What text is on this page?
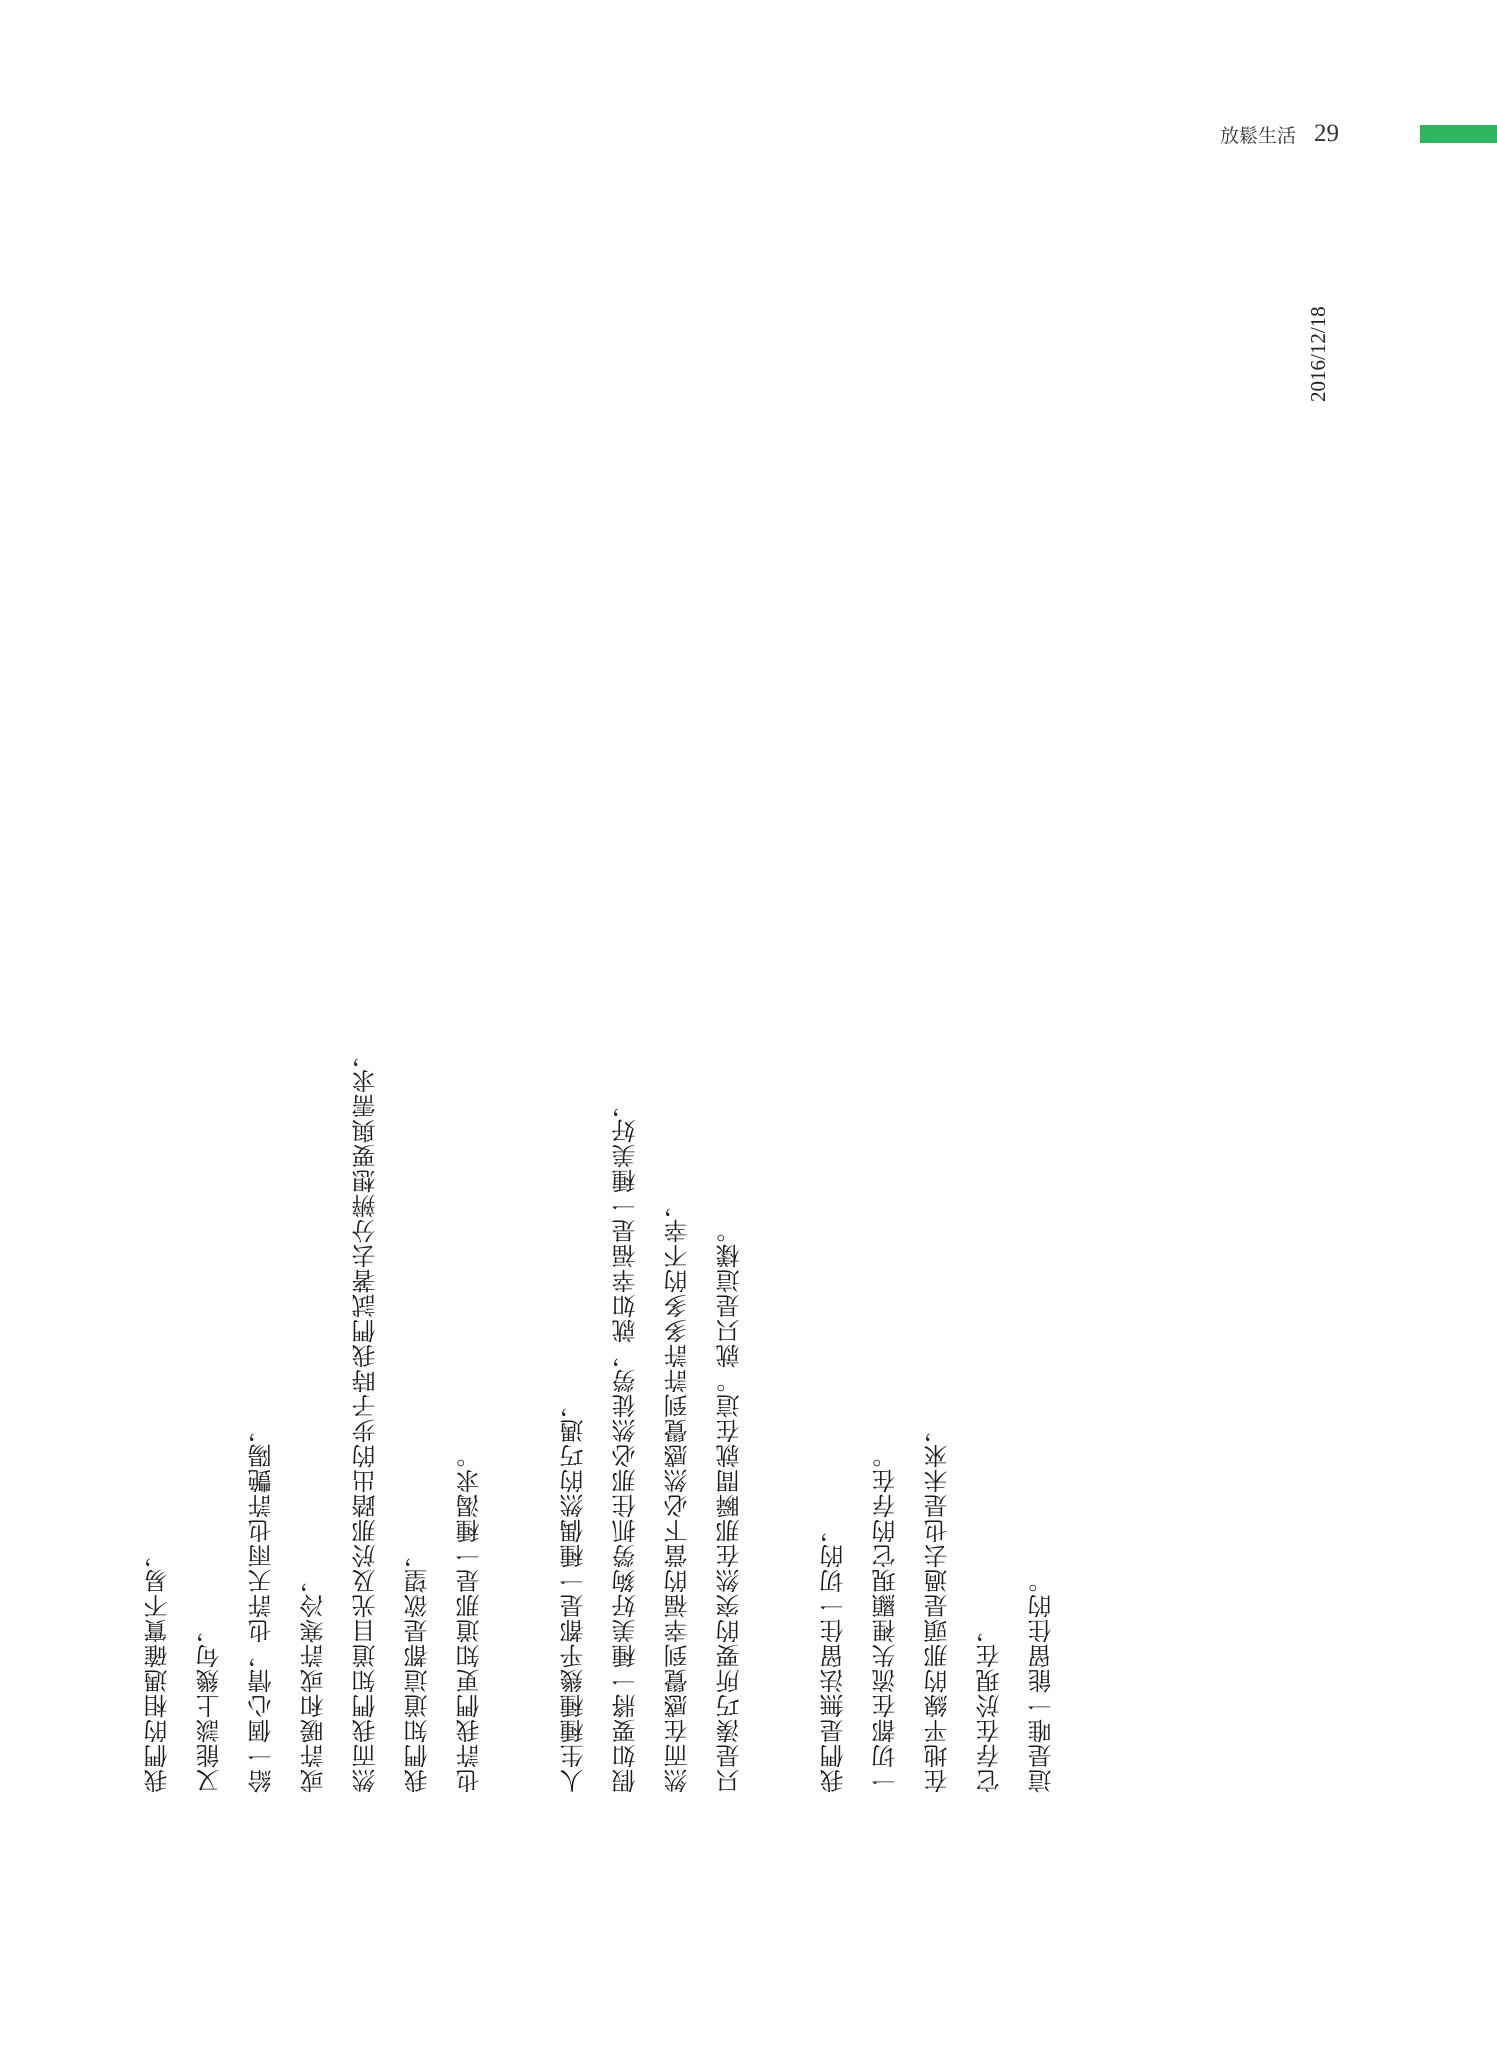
放鬆生活 29
2016/12/18
我們的相遇確實不易， 又能談上幾句， 給一個心情，也許天雨也許艷陽， 或許暖和或許寒冷， 然而我們知道目光及於那踏出的步子時我們試著去分辨想要與需求， 我們知道這都是欲望， 也許我們更知道那是一種渴求。	人生種種幾乎都是一種偶然的巧遇， 假如要將一種美好夠勞抓住那必然徒勞，就如幸福是一種美好， 然而在感覺到幸福的當下必然感覺到許許多多的不幸， 只是湊巧所要的突然在那瞬間就在這。就只是這樣。	我們是無法留住一切的， 一切都在流失裡顯現它的存在。 在地平線的那頭是過去也是未來， 它存在於現在， 這是唯一能留住的。
